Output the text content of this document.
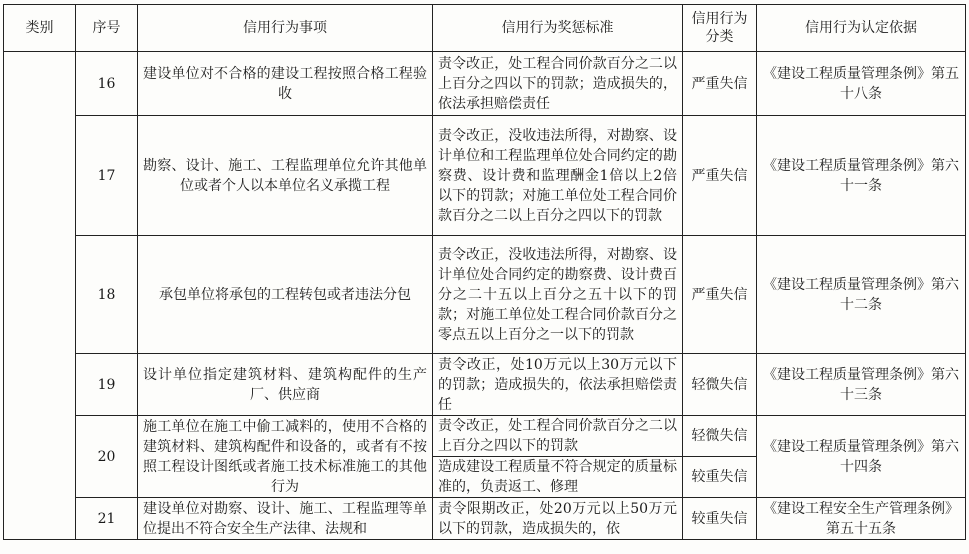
类别	序号	信用行为事项	信用行为奖惩标准	信用行为分类	信用行为认定依据
	16	建设单位对不合格的建设工程按照合格工程验收	责令改正，处工程合同价款百分之二以上百分之四以下的罚款；造成损失的，依法承担赔偿责任	严重失信	《建设工程质量管理条例》第五十八条
	17	勘察、设计、施工、工程监理单位允许其他单位或者个人以本单位名义承揽工程	责令改正，没收违法所得，对勘察、设计单位和工程监理单位处合同约定的勘察费、设计费和监理酬金1倍以上2倍以下的罚款；对施工单位处工程合同价款百分之二以上百分之四以下的罚款	严重失信	《建设工程质量管理条例》第六十一条
	18	承包单位将承包的工程转包或者违法分包	责令改正，没收违法所得，对勘察、设计单位处合同约定的勘察费、设计费百分之二十五以上百分之五十以下的罚款；对施工单位处工程合同价款百分之零点五以上百分之一以下的罚款	严重失信	《建设工程质量管理条例》第六十二条
	19	设计单位指定建筑材料、建筑构配件的生产厂、供应商	责令改正，处10万元以上30万元以下的罚款；造成损失的，依法承担赔偿责任	轻微失信	《建设工程质量管理条例》第六十三条
	20	施工单位在施工中偷工减料的，使用不合格的建筑材料、建筑构配件和设备的，或者有不按照工程设计图纸或者施工技术标准施工的其他行为	责令改正，处工程合同价款百分之二以上百分之四以下的罚款	轻微失信	《建设工程质量管理条例》第六十四条
			造成建设工程质量不符合规定的质量标准的，负责返工、修理	较重失信	
	21	建设单位对勘察、设计、施工、工程监理等单位提出不符合安全生产法律、法规和	责令限期改正，处20万元以上50万元以下的罚款，造成损失的，依	较重失信	《建设工程安全生产管理条例》第五十五条
